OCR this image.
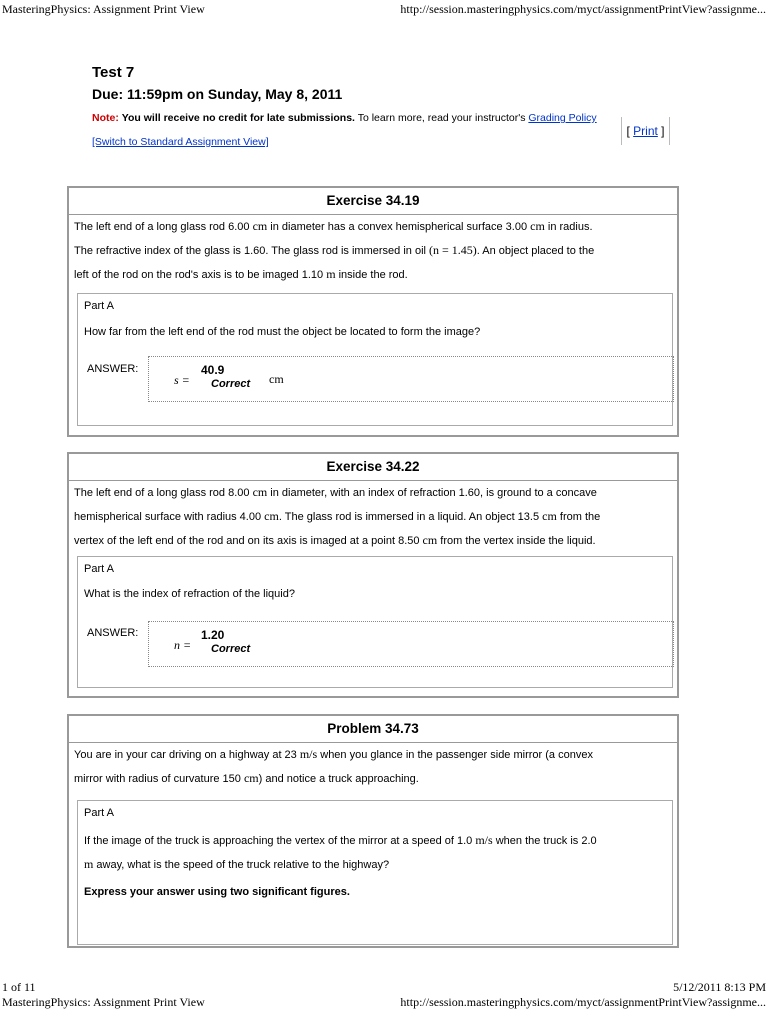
MasteringPhysics: Assignment Print View	http://session.masteringphysics.com/myct/assignmentPrintView?assignme...
Test 7
Due: 11:59pm on Sunday, May 8, 2011
Note: You will receive no credit for late submissions. To learn more, read your instructor's Grading Policy
[Switch to Standard Assignment View]
[ Print ]
Exercise 34.19
The left end of a long glass rod 6.00 cm in diameter has a convex hemispherical surface 3.00 cm in radius.
The refractive index of the glass is 1.60. The glass rod is immersed in oil (n = 1.45). An object placed to the
left of the rod on the rod's axis is to be imaged 1.10 m inside the rod.
Part A
How far from the left end of the rod must the object be located to form the image?
ANSWER:
s =
40.9
Correct cm
Exercise 34.22
The left end of a long glass rod 8.00 cm in diameter, with an index of refraction 1.60, is ground to a concave
hemispherical surface with radius 4.00 cm. The glass rod is immersed in a liquid. An object 13.5 cm from the
vertex of the left end of the rod and on its axis is imaged at a point 8.50 cm from the vertex inside the liquid.
Part A
What is the index of refraction of the liquid?
ANSWER:
n =
1.20
Correct
Problem 34.73
You are in your car driving on a highway at 23 m/s when you glance in the passenger side mirror (a convex
mirror with radius of curvature 150 cm) and notice a truck approaching.
Part A
If the image of the truck is approaching the vertex of the mirror at a speed of 1.0 m/s when the truck is 2.0
m away, what is the speed of the truck relative to the highway?
Express your answer using two significant figures.
1 of 11	5/12/2011 8:13 PM
MasteringPhysics: Assignment Print View	http://session.masteringphysics.com/myct/assignmentPrintView?assignme...
